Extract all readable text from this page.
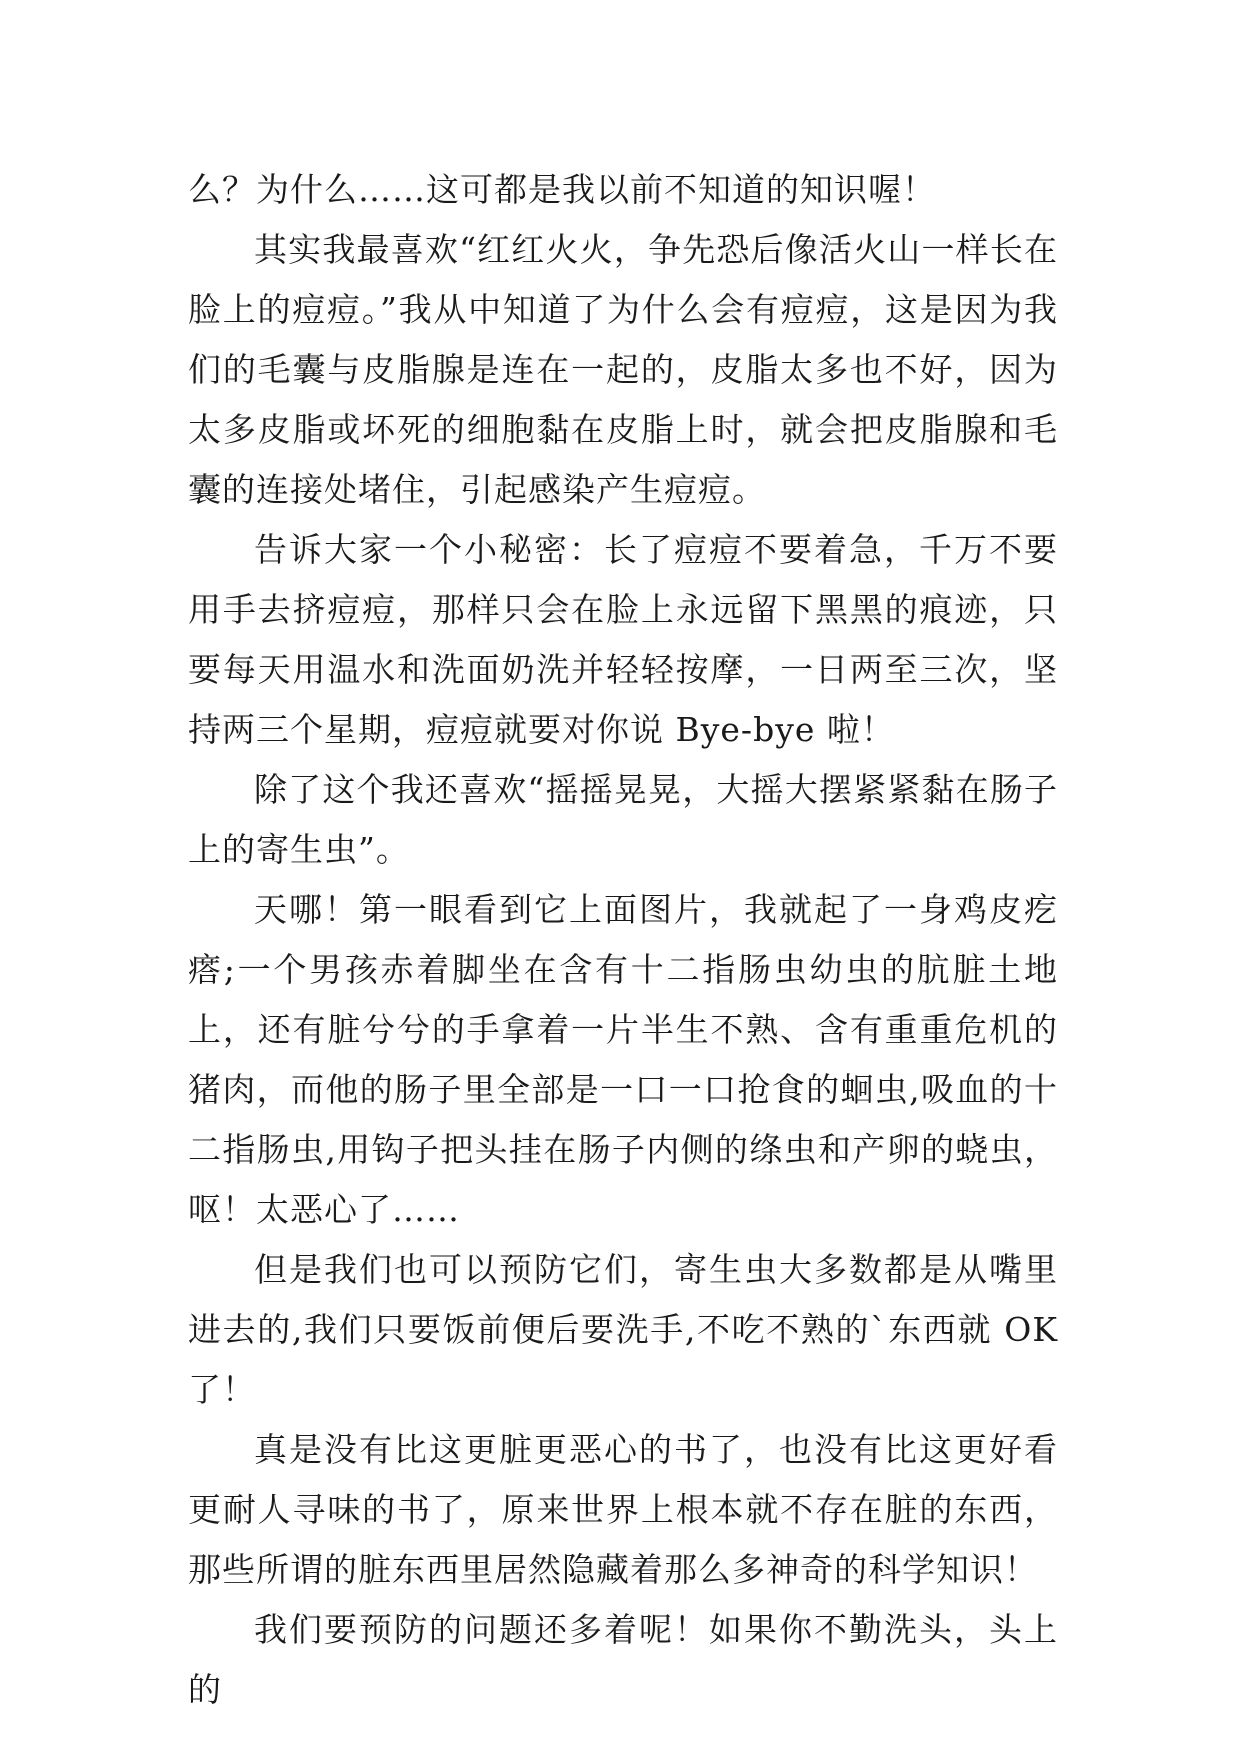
么？为什么……这可都是我以前不知道的知识喔！

其实我最喜欢“红红火火，争先恐后像活火山一样长在脸上的痘痘。”我从中知道了为什么会有痘痘，这是因为我们的毛囊与皮脂腺是连在一起的，皮脂太多也不好，因为太多皮脂或坏死的细胞黏在皮脂上时，就会把皮脂腺和毛囊的连接处堵住，引起感染产生痘痘。

告诉大家一个小秘密：长了痘痘不要着急，千万不要用手去挤痘痘，那样只会在脸上永远留下黑黑的痕迹，只要每天用温水和洗面奶洗并轻轻按摩，一日两至三次，坚持两三个星期，痘痘就要对你说 Bye-bye 啦！

除了这个我还喜欢“摇摇晃晃，大摇大摆紧紧黏在肠子上的寄生虫”。

天哪！第一眼看到它上面图片，我就起了一身鸡皮疙瘩;一个男孩赤着脚坐在含有十二指肠虫幼虫的肮脏土地上，还有脏兮兮的手拿着一片半生不熟、含有重重危机的猪肉，而他的肠子里全部是一口一口抢食的蛔虫,吸血的十二指肠虫,用钩子把头挂在肠子内侧的绦虫和产卵的蛲虫，呕！太恶心了……

但是我们也可以预防它们，寄生虫大多数都是从嘴里进去的,我们只要饭前便后要洗手,不吃不熟的`东西就 OK 了！

真是没有比这更脏更恶心的书了，也没有比这更好看更耐人寻味的书了，原来世界上根本就不存在脏的东西，那些所谓的脏东西里居然隐藏着那么多神奇的科学知识！

我们要预防的问题还多着呢！如果你不勤洗头，头上的
